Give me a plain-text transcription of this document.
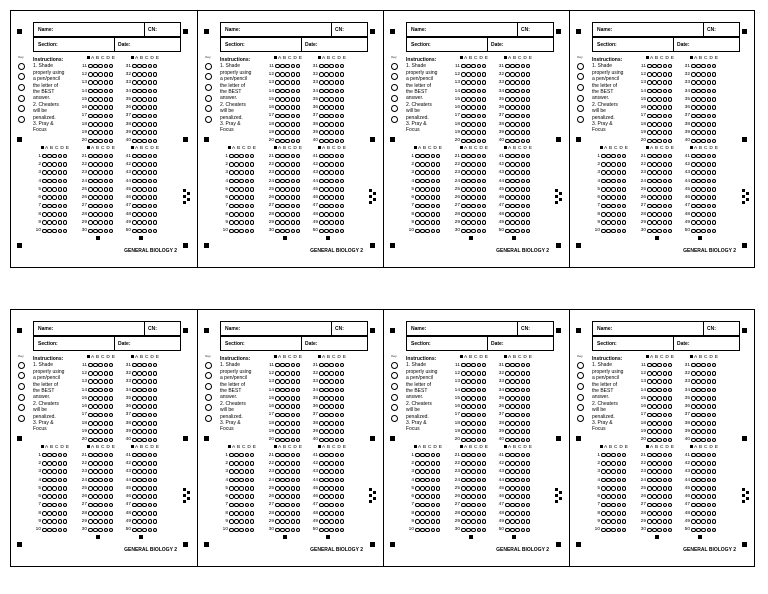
Name:	CN:
Section:	Date:
Key	Instructions:
1. Shade
properly using
a pen/pencil
the letter of
the BEST
answer.
2. Cheaters
will be
penalized.
3. Pray &
Focus
A B C D E
11
12
13
14
15
16
17
18
19
20
A B C D E
31
32
33
34
35
36
37
38
39
40
A B C D E
1
2
3
4
5
6
7
8
9
10
A B C D E
21
22
23
24
25
26
27
28
29
30
A B C D E
41
42
43
44
45
46
47
48
49
50
GENERAL BIOLOGY 2
Name:	CN:
Section:	Date:
Key	Instructions:
1. Shade
properly using
a pen/pencil
the letter of
the BEST
answer.
2. Cheaters
will be
penalized.
3. Pray &
Focus
A B C D E
11
12
13
14
15
16
17
18
19
20
A B C D E
31
32
33
34
35
36
37
38
39
40
A B C D E
1
2
3
4
5
6
7
8
9
10
A B C D E
21
22
23
24
25
26
27
28
29
30
A B C D E
41
42
43
44
45
46
47
48
49
50
GENERAL BIOLOGY 2
Name:	CN:
Section:	Date:
Key	Instructions:
1. Shade
properly using
a pen/pencil
the letter of
the BEST
answer.
2. Cheaters
will be
penalized.
3. Pray &
Focus
A B C D E
11
12
13
14
15
16
17
18
19
20
A B C D E
31
32
33
34
35
36
37
38
39
40
A B C D E
1
2
3
4
5
6
7
8
9
10
A B C D E
21
22
23
24
25
26
27
28
29
30
A B C D E
41
42
43
44
45
46
47
48
49
50
GENERAL BIOLOGY 2
Name:	CN:
Section:	Date:
Key	Instructions:
1. Shade
properly using
a pen/pencil
the letter of
the BEST
answer.
2. Cheaters
will be
penalized.
3. Pray &
Focus
A B C D E
11
12
13
14
15
16
17
18
19
20
A B C D E
31
32
33
34
35
36
37
38
39
40
A B C D E
1
2
3
4
5
6
7
8
9
10
A B C D E
21
22
23
24
25
26
27
28
29
30
A B C D E
41
42
43
44
45
46
47
48
49
50
GENERAL BIOLOGY 2
Name:	CN:
Section:	Date:
Key	Instructions:
1. Shade
properly using
a pen/pencil
the letter of
the BEST
answer.
2. Cheaters
will be
penalized.
3. Pray &
Focus
A B C D E
11
12
13
14
15
16
17
18
19
20
A B C D E
31
32
33
34
35
36
37
38
39
40
A B C D E
1
2
3
4
5
6
7
8
9
10
A B C D E
21
22
23
24
25
26
27
28
29
30
A B C D E
41
42
43
44
45
46
47
48
49
50
GENERAL BIOLOGY 2
Name:	CN:
Section:	Date:
Key	Instructions:
1. Shade
properly using
a pen/pencil
the letter of
the BEST
answer.
2. Cheaters
will be
penalized.
3. Pray &
Focus
A B C D E
11
12
13
14
15
16
17
18
19
20
A B C D E
31
32
33
34
35
36
37
38
39
40
A B C D E
1
2
3
4
5
6
7
8
9
10
A B C D E
21
22
23
24
25
26
27
28
29
30
A B C D E
41
42
43
44
45
46
47
48
49
50
GENERAL BIOLOGY 2
Name:	CN:
Section:	Date:
Key	Instructions:
1. Shade
properly using
a pen/pencil
the letter of
the BEST
answer.
2. Cheaters
will be
penalized.
3. Pray &
Focus
A B C D E
11
12
13
14
15
16
17
18
19
20
A B C D E
31
32
33
34
35
36
37
38
39
40
A B C D E
1
2
3
4
5
6
7
8
9
10
A B C D E
21
22
23
24
25
26
27
28
29
30
A B C D E
41
42
43
44
45
46
47
48
49
50
GENERAL BIOLOGY 2
Name:	CN:
Section:	Date:
Key	Instructions:
1. Shade
properly using
a pen/pencil
the letter of
the BEST
answer.
2. Cheaters
will be
penalized.
3. Pray &
Focus
A B C D E
11
12
13
14
15
16
17
18
19
20
A B C D E
31
32
33
34
35
36
37
38
39
40
A B C D E
1
2
3
4
5
6
7
8
9
10
A B C D E
21
22
23
24
25
26
27
28
29
30
A B C D E
41
42
43
44
45
46
47
48
49
50
GENERAL BIOLOGY 2
